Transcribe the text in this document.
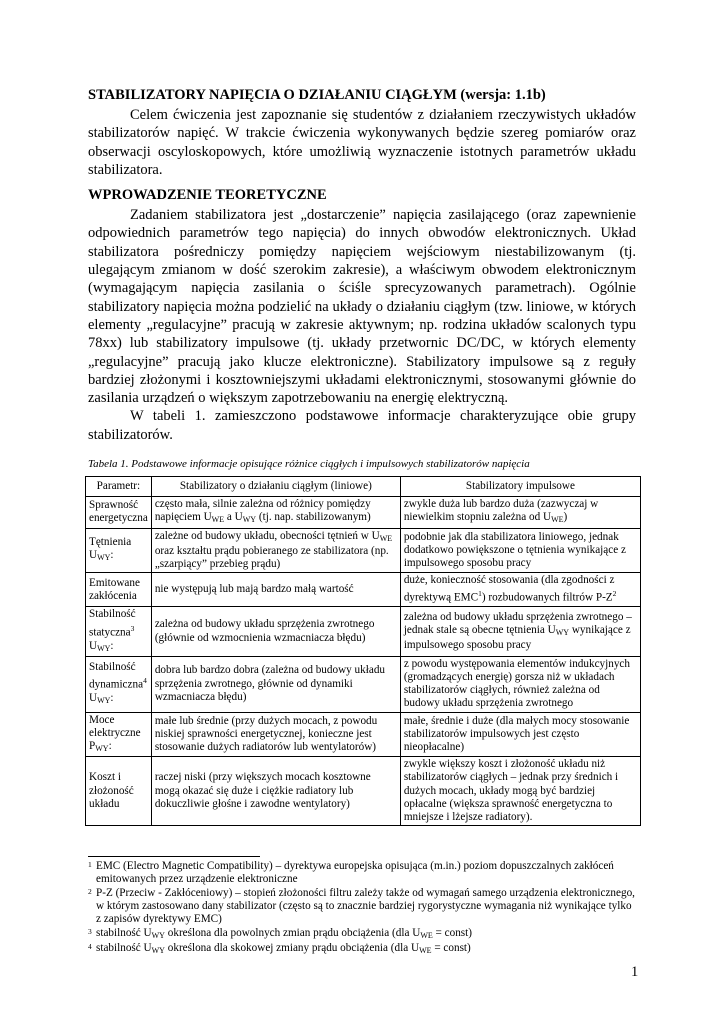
STABILIZATORY NAPIĘCIA O DZIAŁANIU CIĄGŁYM (wersja: 1.1b)

Celem ćwiczenia jest zapoznanie się studentów z działaniem rzeczywistych układów stabilizatorów napięć. W trakcie ćwiczenia wykonywanych będzie szereg pomiarów oraz obserwacji oscyloskopowych, które umożliwią wyznaczenie istotnych parametrów układu stabilizatora.

WPROWADZENIE TEORETYCZNE

Zadaniem stabilizatora jest „dostarczenie” napięcia zasilającego (oraz zapewnienie odpowiednich parametrów tego napięcia) do innych obwodów elektronicznych. Układ stabilizatora pośredniczy pomiędzy napięciem wejściowym niestabilizowanym (tj. ulegającym zmianom w dość szerokim zakresie), a właściwym obwodem elektronicznym (wymagającym napięcia zasilania o ściśle sprecyzowanych parametrach). Ogólnie stabilizatory napięcia można podzielić na układy o działaniu ciągłym (tzw. liniowe, w których elementy „regulacyjne” pracują w zakresie aktywnym; np. rodzina układów scalonych typu 78xx) lub stabilizatory impulsowe (tj. układy przetwornic DC/DC, w których elementy „regulacyjne” pracują jako klucze elektroniczne). Stabilizatory impulsowe są z reguły bardziej złożonymi i kosztowniejszymi układami elektronicznymi, stosowanymi głównie do zasilania urządzeń o większym zapotrzebowaniu na energię elektryczną.

W tabeli 1. zamieszczono podstawowe informacje charakteryzujące obie grupy stabilizatorów.

Tabela 1. Podstawowe informacje opisujące różnice ciągłych i impulsowych stabilizatorów napięcia
Parametr:	Stabilizatory o działaniu ciągłym (liniowe)	Stabilizatory impulsowe
Sprawność energetyczna	często mała, silnie zależna od różnicy pomiędzy napięciem $U_{WE}$ a $U_{WY}$ (tj. nap. stabilizowanym)	zwykle duża lub bardzo duża (zazwyczaj w niewielkim stopniu zależna od $U_{WE}$)
Tętnienia $U_{WY}$:	zależne od budowy układu, obecności tętnień w $U_{WE}$ oraz kształtu prądu pobieranego ze stabilizatora (np. „szarpiący” przebieg prądu)	podobnie jak dla stabilizatora liniowego, jednak dodatkowo powiększone o tętnienia wynikające z impulsowego sposobu pracy
Emitowane zakłócenia	nie występują lub mają bardzo małą wartość	duże, konieczność stosowania (dla zgodności z dyrektywą EMC$^1$) rozbudowanych filtrów $P-Z^2$
Stabilność statyczna$^3$ $U_{WY}$:	zależna od budowy układu sprzężenia zwrotnego (głównie od wzmocnienia wzmacniacza błędu)	zależna od budowy układu sprzężenia zwrotnego – jednak stale są obecne tętnienia $U_{WY}$ wynikające z impulsowego sposobu pracy
Stabilność dynamiczna$^4$ $U_{WY}$:	dobra lub bardzo dobra (zależna od budowy układu sprzężenia zwrotnego, głównie od dynamiki wzmacniacza błędu)	z powodu występowania elementów indukcyjnych (gromadzących energię) gorsza niż w układach stabilizatorów ciągłych, również zależna od budowy układu sprzężenia zwrotnego
Moce elektryczne $P_{WY}$:	małe lub średnie (przy dużych mocach, z powodu niskiej sprawności energetycznej, konieczne jest stosowanie dużych radiatorów lub wentylatorów)	małe, średnie i duże (dla małych mocy stosowanie stabilizatorów impulsowych jest często nieopłacalne)
Koszt i złożoność układu	raczej niski (przy większych mocach kosztowne mogą okazać się duże i ciężkie radiatory lub dokuczliwie głośne i zawodne wentylatory)	zwykle większy koszt i złożoność układu niż stabilizatorów ciągłych – jednak przy średnich i dużych mocach, układy mogą być bardziej opłacalne (większa sprawność energetyczna to mniejsze i lżejsze radiatory).
1 EMC (Electro Magnetic Compatibility) – dyrektywa europejska opisująca (m.in.) poziom dopuszczalnych zakłóceń emitowanych przez urządzenie elektroniczne
2 P-Z (Przeciw - Zakłóceniowy) – stopień złożoności filtru zależy także od wymagań samego urządzenia elektronicznego, w którym zastosowano dany stabilizator (często są to znacznie bardziej rygorystyczne wymagania niż wynikające tylko z zapisów dyrektywy EMC)
3 stabilność $U_{WY}$ określona dla powolnych zmian prądu obciążenia (dla $U_{WE}$ = const)
4 stabilność $U_{WY}$ określona dla skokowej zmiany prądu obciążenia (dla $U_{WE}$ = const)
1
